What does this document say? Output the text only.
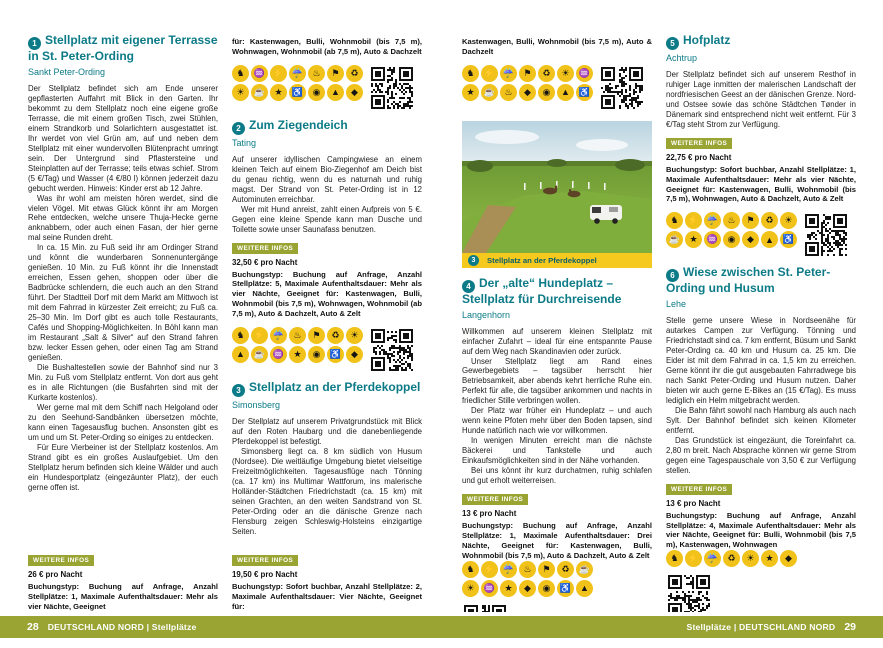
1 Stellplatz mit eigener Terrasse in St. Peter-Ording
Sankt Peter-Ording

Der Stellplatz befindet sich am Ende unserer gepflasterten Auffahrt mit Blick in den Garten. Ihr bekommt zu dem Stellplatz noch eine eigene große Terrasse, die mit einem großen Tisch, zwei Stühlen, einem Strandkorb und Solarlichtern ausgestattet ist. Ihr werdet von viel Grün am, auf und neben dem Stellplatz mit einer wundervollen Blütenpracht umringt sein. Der Untergrund sind Pflastersteine und Steinplatten auf der Terrasse; teils etwas schief. Strom (5 €/Tag) und Wasser (4 €/80 l) können jederzeit dazu gebucht werden. Hinweis: Kinder erst ab 12 Jahre.

Was ihr wohl am meisten hören werdet, sind die vielen Vögel. Mit etwas Glück könnt ihr am Morgen Rehe entdecken, welche unsere Thuja-Hecke gerne anknabbern, oder auch einen Fasan, der hier gerne mal seine Runden dreht.

In ca. 15 Min. zu Fuß seid ihr am Ordinger Strand und könnt die wunderbaren Sonnenuntergänge genießen. 10 Min. zu Fuß könnt ihr die Innenstadt erreichen, Essen gehen, shoppen oder über die Badbrücke schlendern, die euch auch an den Strand führt. Der Stadtteil Dorf mit dem Markt am Mittwoch ist mit dem Fahrrad in kürzester Zeit erreicht; zu Fuß ca. 25–30 Min. Im Dorf gibt es auch tolle Restaurants, Cafés und Shopping-Möglichkeiten. In Böhl kann man im Restaurant „Salt & Silver“ auf den Strand fahren bzw. lecker Essen gehen, oder einen Tag am Strand genießen.

Die Bushaltestellen sowie der Bahnhof sind nur 3 Min. zu Fuß vom Stellplatz entfernt. Von dort aus geht es in alle Richtungen (die Busfahrten sind mit der Kurkarte kostenlos).

Wer gerne mal mit dem Schiff nach Helgoland oder zu den Seehund-Sandbänken übersetzen möchte, kann einen Tagesausflug buchen. Ansonsten gibt es um und um St. Peter-Ording so einiges zu entdecken.

Für Eure Vierbeiner ist der Stellplatz kostenlos. Am Strand gibt es ein großes Auslaufgebiet. Um den Stellplatz herum befinden sich kleine Wälder und auch ein Hundesportplatz (eingezäunter Platz), der euch gerne offen ist.

WEITERE INFOS
26 € pro Nacht

Buchungstyp: Buchung auf Anfrage, Anzahl Stellplätze: 1, Maximale Aufenthaltsdauer: Mehr als vier Nächte, Geeignet

für: Kastenwagen, Bulli, Wohnmobil (bis 7,5 m), Wohnwagen, Wohnmobil (ab 7,5 m), Auto & Dachzelt

♞	♒ ⚡ ☔	♨	⚑	♻
☀	☕	★	♿	◉	▲	◆
2 Zum Ziegendeich
Tating

Auf unserer idyllischen Campingwiese an einem kleinen Teich auf einem Bio-Ziegenhof am Deich bist du genau richtig, wenn du es naturnah und ruhig magst. Der Strand von St. Peter-Ording ist in 12 Autominuten erreichbar.

Wer mit Hund anreist, zahlt einen Aufpreis von 5 €. Gegen eine kleine Spende kann man Dusche und Toilette sowie unser Saunafass benutzen.

WEITERE INFOS
32,50 € pro Nacht

Buchungstyp: Buchung auf Anfrage, Anzahl Stellplätze: 5, Maximale Aufenthaltsdauer: Mehr als vier Nächte, Geeignet für: Kastenwagen, Bulli, Wohnmobil (bis 7,5 m), Wohnwagen, Wohnmobil (ab 7,5 m), Auto & Dachzelt, Auto & Zelt

♞	⚡ ☔	♨	⚑	♻	☀
▲ ☕ ♒	★	◉	♿	◆
3 Stellplatz an der Pferdekoppel
Simonsberg

Der Stellplatz auf unserem Privatgrundstück mit Blick auf den Roten Haubarg und die danebenliegende Pferdekoppel ist befestigt.

Simonsberg liegt ca. 8 km südlich von Husum (Nordsee). Die weitläufige Umgebung bietet vielseitige Freizeitmöglichkeiten. Tagesausflüge nach Tönning (ca. 17 km) ins Multimar Wattforum, ins malerische Holländer-Städtchen Friedrichstadt (ca. 15 km) mit seinen Grachten, an den weiten Sandstrand von St. Peter-Ording oder an die dänische Grenze nach Flensburg zeigen Schleswig-Holsteins einzigartige Seiten.

WEITERE INFOS
19,50 € pro Nacht

Buchungstyp: Sofort buchbar, Anzahl Stellplätze: 2, Maximale Aufenthaltsdauer: Vier Nächte, Geeignet für:

Kastenwagen, Bulli, Wohnmobil (bis 7,5 m), Auto & Dachzelt

♞	⚡ ☔	⚑	♻	☀	♒
★	☕	♨	◆	◉	▲ ♿
3	Stellplatz an der Pferdekoppel
4 Der „alte“ Hundeplatz – Stellplatz für Durchreisende
Langenhorn

Willkommen auf unserem kleinen Stellplatz mit einfacher Zufahrt – ideal für eine entspannte Pause auf dem Weg nach Skandinavien oder zurück.

Unser Stellplatz liegt am Rand eines Gewerbegebiets – tagsüber herrscht hier Betriebsamkeit, aber abends kehrt herrliche Ruhe ein. Perfekt für alle, die tagsüber ankommen und nachts in friedlicher Stille verbringen wollen.

Der Platz war früher ein Hundeplatz – und auch wenn keine Pfoten mehr über den Boden tapsen, sind Hunde natürlich nach wie vor willkommen.

In wenigen Minuten erreicht man die nächste Bäckerei und Tankstelle und auch Einkaufsmöglichkeiten sind in der Nähe vorhanden.

Bei uns könnt ihr kurz durchatmen, ruhig schlafen und gut erholt weiterreisen.

WEITERE INFOS
13 € pro Nacht

Buchungstyp: Buchung auf Anfrage, Anzahl Stellplätze: 1, Maximale Aufenthaltsdauer: Drei Nächte, Geeignet für: Kastenwagen, Bulli, Wohnmobil (bis 7,5 m), Auto & Dachzelt, Auto & Zelt

♞	⚡ ☔	♨	⚑	♻	☕
☀	♒	★	◆	◉	♿ ▲
5 Hofplatz
Achtrup

Der Stellplatz befindet sich auf unserem Resthof in ruhiger Lage inmitten der malerischen Landschaft der nordfriesischen Geest an der dänischen Grenze. Nord- und Ostsee sowie das schöne Städtchen Tønder in Dänemark sind entsprechend nicht weit entfernt. Für 3 €/Tag steht Strom zur Verfügung.

WEITERE INFOS
22,75 € pro Nacht

Buchungstyp: Sofort buchbar, Anzahl Stellplätze: 1, Maximale Aufenthaltsdauer: Mehr als vier Nächte, Geeignet für: Kastenwagen, Bulli, Wohnmobil (bis 7,5 m), Wohnwagen, Auto & Dachzelt, Auto & Zelt

♞	⚡ ☔	♨	⚑	♻	☀
☕	★	♒	◉	◆	▲ ♿
6 Wiese zwischen St. Peter-Ording und Husum
Lehe

Stelle gerne unsere Wiese in Nordseenähe für autarkes Campen zur Verfügung. Tönning und Friedrichstadt sind ca. 7 km entfernt, Büsum und Sankt Peter-Ording ca. 40 km und Husum ca. 25 km. Die Eider ist mit dem Fahrrad in ca. 1,5 km zu erreichen. Gerne könnt ihr die gut ausgebauten Fahrradwege bis nach Sankt Peter-Ording und Husum nutzen. Daher bieten wir auch gerne E-Bikes an (15 €/Tag). Es muss lediglich ein Helm mitgebracht werden.

Die Bahn fährt sowohl nach Hamburg als auch nach Sylt. Der Bahnhof befindet sich keinen Kilometer entfernt.

Das Grundstück ist eingezäunt, die Toreinfahrt ca. 2,80 m breit. Nach Absprache können wir gerne Strom gegen eine Tagespauschale von 3,50 € zur Verfügung stellen.

WEITERE INFOS
13 € pro Nacht

Buchungstyp: Buchung auf Anfrage, Anzahl Stellplätze: 4, Maximale Aufenthaltsdauer: Mehr als vier Nächte, Geeignet für: Bulli, Wohnmobil (bis 7,5 m), Kastenwagen, Wohnwagen

♞	⚡ ☔	♻	☀	★	◆
28 DEUTSCHLAND NORD | Stellplätze	Stellplätze | DEUTSCHLAND NORD 29
